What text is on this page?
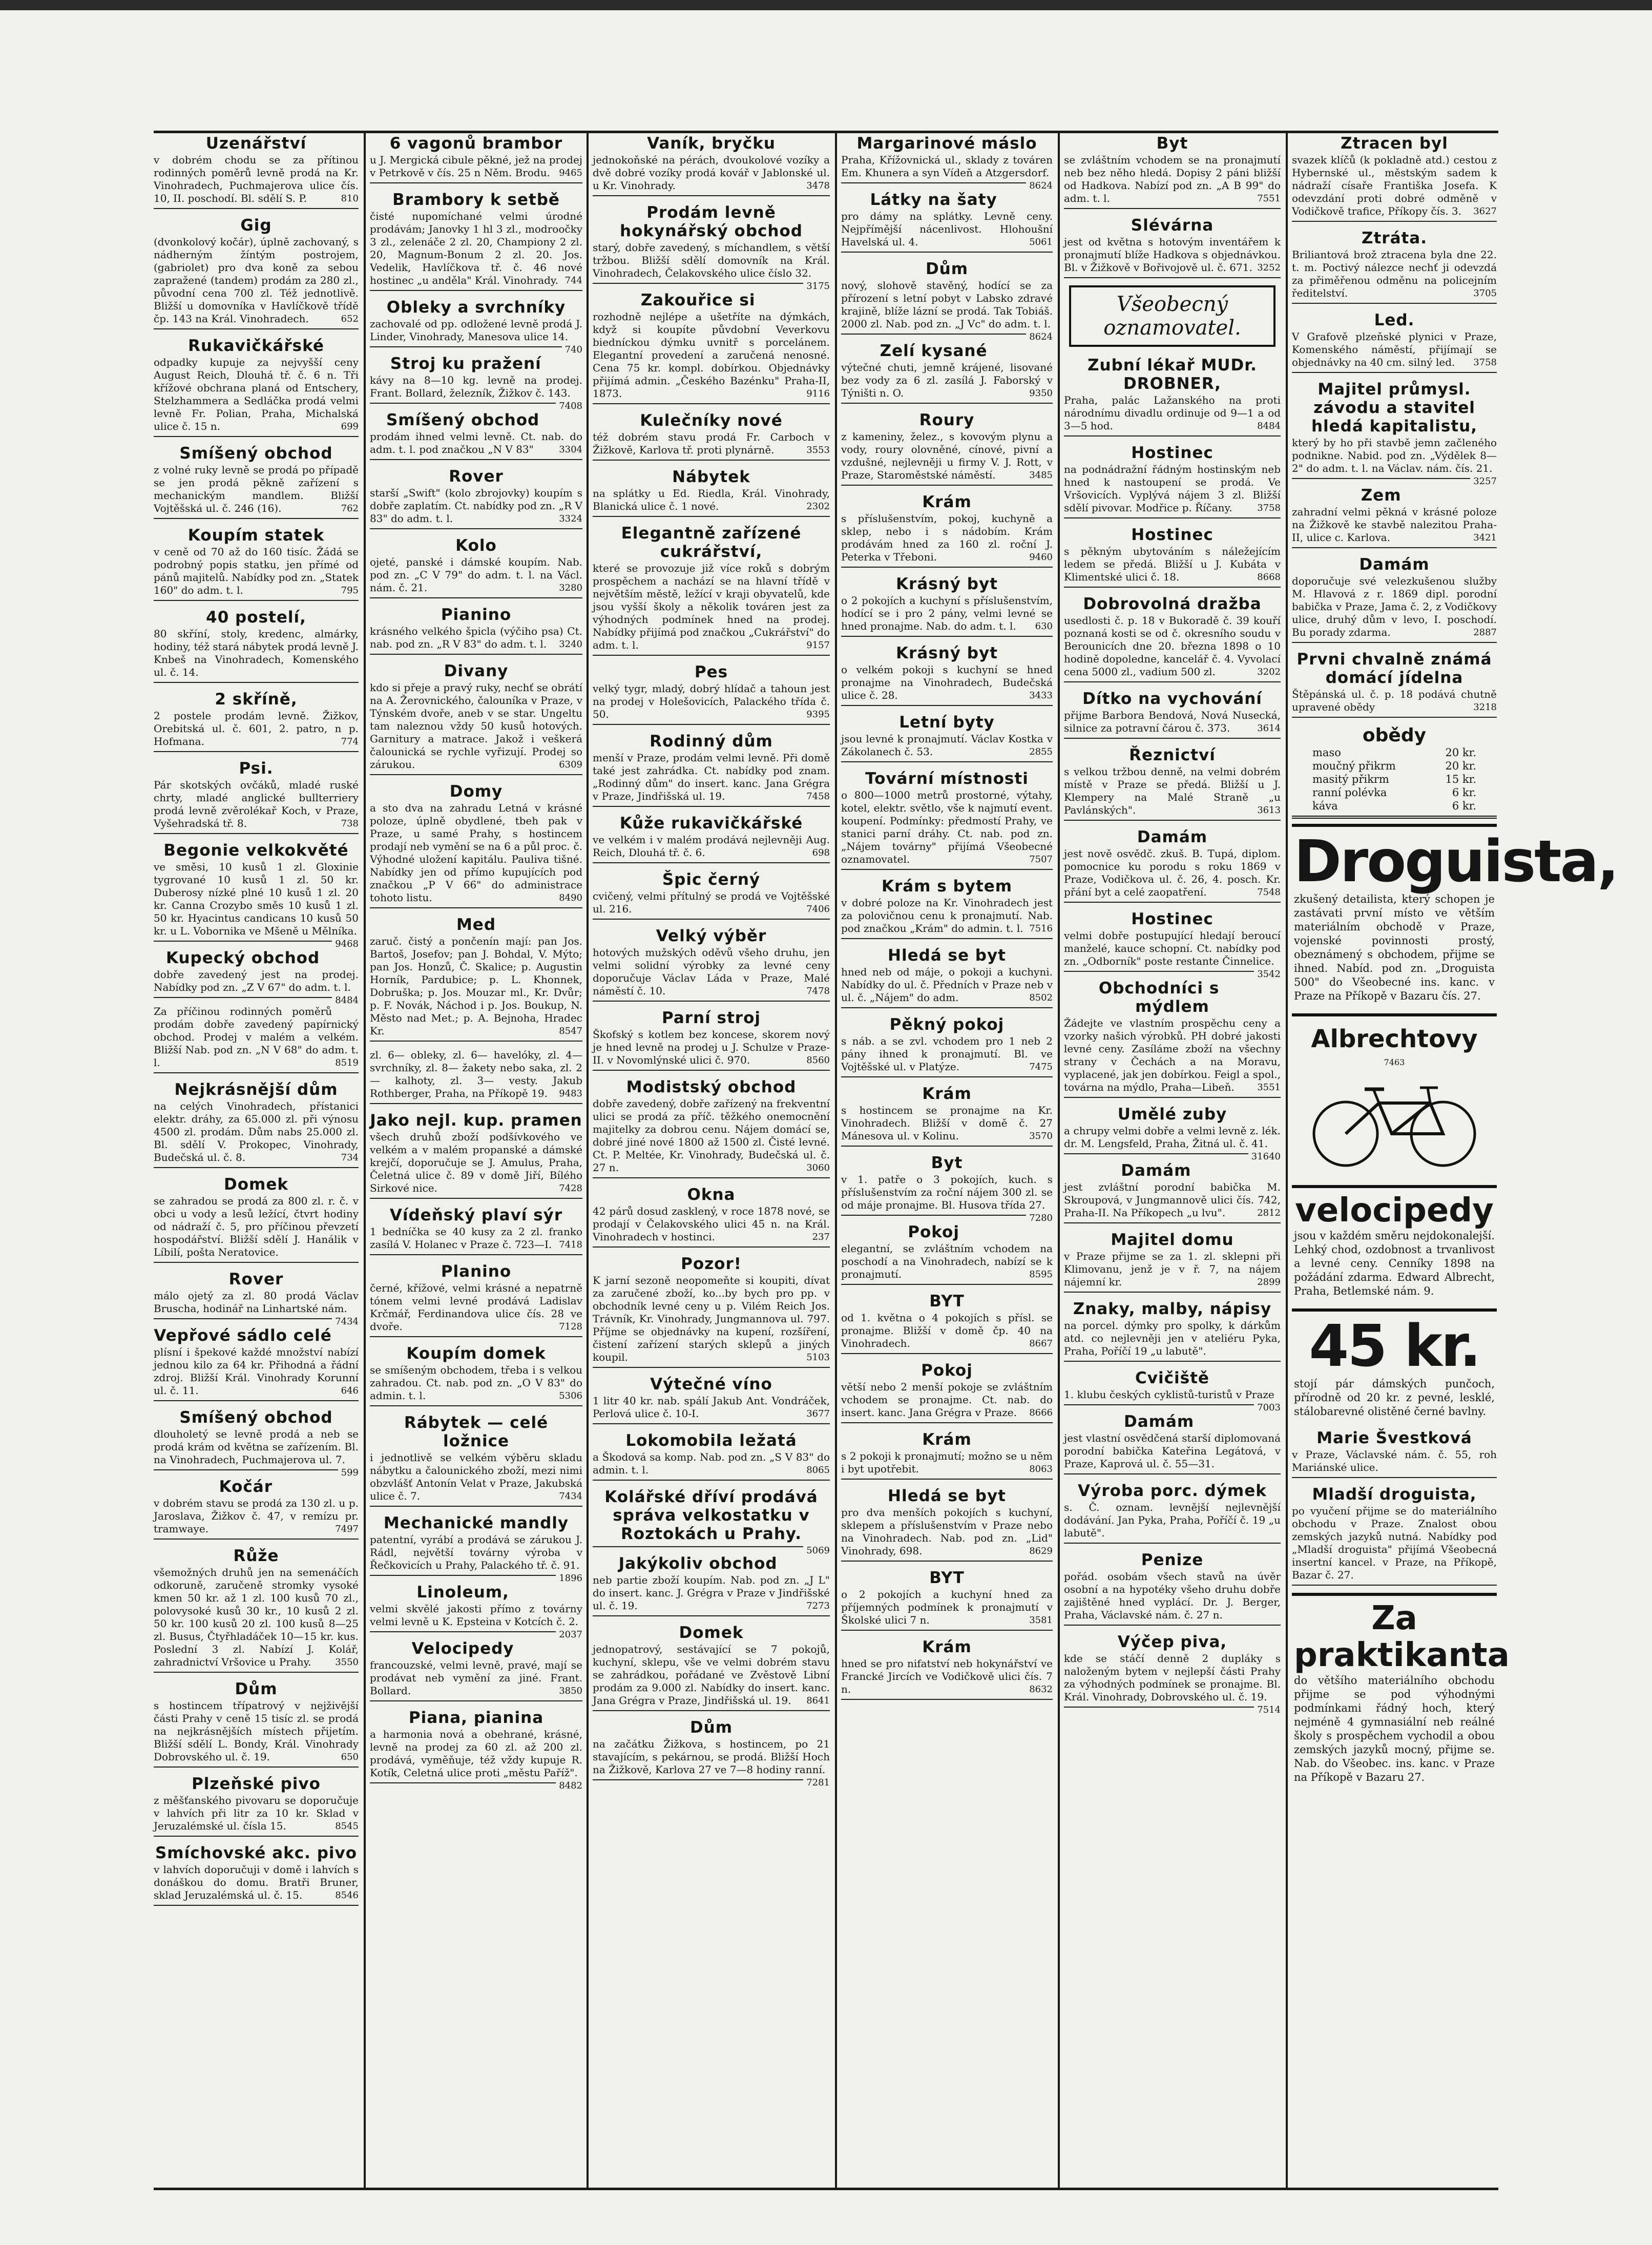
Uzenářství

v dobrém chodu se za přítinou rodinných poměrů levně prodá na Kr. Vinohradech, Puchmajerova ulice čís. 10, II. poschodí. Bl. sdělí S. P.	810

Gig

(dvonkolový kočár), úplně zachovaný, s nádherným žíntým postrojem, (gabriolet) pro dva koně za sebou zapražené (tandem) prodám za 280 zl., původní cena 700 zl. Též jednotlivě. Bližší u domovníka v Havlíčkově třídě čp. 143 na Král. Vinohradech.	652

Rukavičkářské

odpadky kupuje za nejvyšší ceny August Reich, Dlouhá tř. č. 6 n. Tři křížové obchrana planá od Entschery, Stelzhammera a Sedláčka prodá velmi levně Fr. Polian, Praha, Michalská ulice č. 15 n.	699

Smíšený obchod

z volné ruky levně se prodá po případě se jen prodá pěkně zařízení s mechanickým mandlem. Bližší Vojtěšská ul. č. 246 (16).	762

Koupím statek

v ceně od 70 až do 160 tisíc. Žádá se podrobný popis statku, jen přímé od pánů majitelů. Nabídky pod zn. „Statek 160" do adm. t. l.	795

40 postelí,

80 skříní, stoly, kredenc, almárky, hodiny, též stará nábytek prodá levně J. Knbeš na Vinohradech, Komenského ul. č. 14.

2 skříně,

2 postele prodám levně. Žižkov, Orebitská ul. č. 601, 2. patro, n p. Hofmana.	774

Psi.

Pár skotských ovčáků, mladé ruské chrty, mladé anglické bullterriery prodá levně zvěrolékař Koch, v Praze, Vyšehradská tř. 8.	738

Begonie velkokvěté

ve směsi, 10 kusů 1 zl. Gloxinie tygrované 10 kusů 1 zl. 50 kr. Duberosy nízké plné 10 kusů 1 zl. 20 kr. Canna Crozybo směs 10 kusů 1 zl. 50 kr. Hyacintus candicans 10 kusů 50 kr. u L. Vobornika ve Mšeně u Mělníka.
9468

Kupecký obchod

dobře zavedený jest na prodej. Nabídky pod zn. „Z V 67" do adm. t. l.
8484

Za příčinou rodinných poměrů prodám dobře zavedený papírnický obchod. Prodej v malém a velkém. Bližší Nab. pod zn. „N V 68" do adm. t. l.	8519

Nejkrásnější dům

na celých Vinohradech, přístanici elektr. dráhy, za 65.000 zl. při výnosu 4500 zl. prodám. Dům nabs 25.000 zl. Bl. sdělí V. Prokopec, Vinohrady, Budečská ul. č. 8.	734

Domek

se zahradou se prodá za 800 zl. r. č. v obci u vody a lesů ležící, čtvrt hodiny od nádraží č. 5, pro příčinou převzetí hospodářství. Bližší sdělí J. Hanálik v Líbilí, pošta Neratovice.

Rover

málo ojetý za zl. 80 prodá Václav Bruscha, hodinář na Linhartské nám.
7434

Vepřové sádlo celé

plísní i špekové každé množství nabízí jednou kilo za 64 kr. Přihodná a řádní zdroj. Bližší Král. Vinohrady Korunní ul. č. 11.	646

Smíšený obchod

dlouholetý se levně prodá a neb se prodá krám od května se zařízením. Bl. na Vinohradech, Puchmajerova ul. 7.
599

Kočár

v dobrém stavu se prodá za 130 zl. u p. Jaroslava, Žižkov č. 47, v remízu pr. tramwaye.	7497

Růže

všemožných druhů jen na semenáčích odkoruně, zaručeně stromky vysoké kmen 50 kr. až 1 zl. 100 kusů 70 zl., polovysoké kusů 30 kr., 10 kusů 2 zl. 50 kr. 100 kusů 20 zl. 100 kusů 8—25 zl. Busus, Čtyřhladáček 10—15 kr. kus. Poslední 3 zl. Nabízí J. Kolář, zahradnictví Vršovice u Prahy.	3550

Dům

s hostincem třípatrový v nejživější části Prahy v ceně 15 tisíc zl. se prodá na nejkrásnějších místech přijetím. Bližší sdělí L. Bondy, Král. Vinohrady Dobrovského ul. č. 19.	650

Plzeňské pivo

z měšťanského pivovaru se doporučuje v lahvích při litr za 10 kr. Sklad v Jeruzalémské ul. čísla 15.	8545

Smíchovské akc. pivo

v lahvích doporučuji v domě i lahvích s donáškou do domu. Bratři Bruner, sklad Jeruzalémská ul. č. 15.	8546

6 vagonů brambor

u J. Mergická cibule pěkné, jež na prodej v Petrkově v čís. 25 n Něm. Brodu. 9465

Brambory k setbě

čisté nupomíchané velmi úrodné prodávám; Janovky 1 hl 3 zl., modroočky 3 zl., zelenáče 2 zl. 20, Championy 2 zl. 20, Magnum-Bonum 2 zl. 20. Jos. Vedelik, Havlíčkova tř. č. 46 nové hostinec „u anděla" Král. Vinohrady. 744

Obleky a svrchníky

zachovalé od pp. odložené levně prodá J. Linder, Vinohrady, Manesova ulice 14.
740

Stroj ku pražení

kávy na 8—10 kg. levně na prodej. Frant. Bollard, železník, Žižkov č. 143.
7408

Smíšený obchod

prodám ihned velmi levně. Ct. nab. do adm. t. l. pod značkou „N V 83"	3304

Rover

starší „Swift" (kolo zbrojovky) koupím s dobře zaplatím. Ct. nabídky pod zn. „R V 83" do adm. t. l.	3324

Kolo

ojeté, panské i dámské koupím. Nab. pod zn. „C V 79" do adm. t. l. na Václ. nám. č. 21.	3280

Pianino

krásného velkého špicla (výčiho psa) Ct. nab. pod zn. „R V 83" do adm. t. l. 3240

Divany

kdo si přeje a pravý ruky, nechť se obrátí na A. Žerovnického, čalouníka v Praze, v Týnském dvoře, aneb v se star. Ungeltu tam naleznou vždy 50 kusů hotových. Garnitury a matrace. Jakož i veškerá čalounická se rychle vyřizují. Prodej so zárukou.	6309

Domy

a sto dva na zahradu Letná v krásné poloze, úplně obydlené, tbeh pak v Praze, u samé Prahy, s hostincem prodají neb vymění se na 6 a půl proc. č. Výhodné uložení kapitálu. Pauliva tišné. Nabídky jen od přímo kupujících pod značkou „P V 66" do administrace tohoto listu.	8490

Med

zaruč. čistý a pončenín mají: pan Jos. Bartoš, Josefov; pan J. Bohdal, V. Mýto; pan Jos. Honzů, Č. Skalice; p. Augustin Horník, Pardubice; p. L. Khonnek, Dobruška; p. Jos. Mouzar ml., Kr. Dvůr; p. F. Novák, Náchod i p. Jos. Boukup, N. Město nad Met.; p. A. Bejnoha, Hradec Kr.	8547

zl. 6— obleky, zl. 6— havelóky, zl. 4— svrchníky, zl. 8— žakety nebo saka, zl. 2— kalhoty, zl. 3— vesty. Jakub Rothberger, Praha, na Příkopě 19. 9483

Jako nejl. kup. pramen

všech druhů zboží podšívkového ve velkém a v malém propanské a dámské krejčí, doporučuje se J. Amulus, Praha, Čeletná ulice č. 89 v domě Jiří, Bílého Sirkové nice.	7428

Vídeňský plaví sýr

1 bedníčka se 40 kusy za 2 zl. franko zasílá V. Holanec v Praze č. 723—I. 7418

Planino

černé, křížové, velmi krásné a nepatrně tónem velmi levné prodává Ladislav Krčmář, Ferdinandova ulice čís. 28 ve dvoře.	7128

Koupím domek

se smíšeným obchodem, třeba i s velkou zahradou. Ct. nab. pod zn. „O V 83" do admin. t. l.	5306

Rábytek — celé ložnice

i jednotlivě se velkém výběru skladu nábytku a čalounického zboží, mezi nimi obzvlášť Antonín Velat v Praze, Jakubská ulice č. 7.	7434

Mechanické mandly

patentní, vyrábí a prodává se zárukou J. Rádl, největší továrny výroba v Řečkovicích u Prahy, Palackého tř. č. 91.
1896

Linoleum,

velmi skvělé jakosti přímo z továrny velmi levně u K. Epsteina v Kotcích č. 2.
2037

Velocipedy

francouzské, velmi levně, pravé, mají se prodávat neb vymění za jiné. Frant. Bollard.	3850

Piana, pianina

a harmonia nová a obehrané, krásné, levně na prodej za 60 zl. až 200 zl. prodává, vyměňuje, též vždy kupuje R. Kotík, Celetná ulice proti „městu Paříž".
8482

Vaník, bryčku

jednokoňské na pérách, dvoukolové vozíky a dvě dobré vozíky prodá kovář v Jablonské ul. u Kr. Vinohrady.	3478

Prodám levně hokynářský obchod

starý, dobře zavedený, s míchandlem, s větší tržbou. Bližší sdělí domovník na Král. Vinohradech, Čelakovského ulice číslo 32.
3175

Zakouřice si

rozhodně nejlépe a ušetříte na dýmkách, když si koupíte půvdobní Veverkovu biedníckou dýmku uvnitř s porcelánem. Elegantní provedení a zaručená nenosné. Cena 75 kr. kompl. dobírkou. Objednávky přijímá admin. „Českého Bazénku" Praha-II, 1873.	9116

Kulečníky nové

též dobrém stavu prodá Fr. Carboch v Žižkově, Karlova tř. proti plynárně.	3553

Nábytek

na splátky u Ed. Riedla, Král. Vinohrady, Blanická ulice č. 1 nové.	2302

Elegantně zařízené cukrářství,

které se provozuje již více roků s dobrým prospěchem a nachází se na hlavní třídě v největším městě, ležící v kraji obyvatelů, kde jsou vyšší školy a několik továren jest za výhodných podmínek hned na prodej. Nabídky přijímá pod značkou „Cukrářství" do adm. t. l.	9157

Pes

velký tygr, mladý, dobrý hlídač a tahoun jest na prodej v Holešovicích, Palackého třída č. 50.	9395

Rodinný dům

menší v Praze, prodám velmi levně. Při domě také jest zahrádka. Ct. nabídky pod znam. „Rodinný dům" do insert. kanc. Jana Grégra v Praze, Jindřišská ul. 19.	7458

Kůže rukavičkářské

ve velkém i v malém prodává nejlevněji Aug. Reich, Dlouhá tř. č. 6.	698

Špic černý

cvičený, velmi přítulný se prodá ve Vojtěšské ul. 216.	7406

Velký výběr

hotových mužských oděvů všeho druhu, jen velmi solidní výrobky za levné ceny doporučuje Václav Láda v Praze, Malé náměstí č. 10.	7478

Parní stroj

Škofský s kotlem bez koncese, skorem nový je hned levně na prodej u J. Schulze v Praze-II. v Novomlýnské ulici č. 970.	8560

Modistský obchod

dobře zavedený, dobře zařízený na frekventní ulici se prodá za příč. těžkého onemocnění majitelky za dobrou cenu. Nájem domácí se, dobré jiné nové 1800 až 1500 zl. Čisté levné. Ct. P. Meltée, Kr. Vinohrady, Budečská ul. č. 27 n.	3060

Okna

42 párů dosud zasklený, v roce 1878 nové, se prodají v Čelakovského ulici 45 n. na Král. Vinohradech v hostinci.	237

Pozor!

K jarní sezoně neopomeňte si koupiti, dívat za zaručené zboží, ko...by bych pro pp. v obchodník levné ceny u p. Vilém Reich Jos. Trávník, Kr. Vinohrady, Jungmannova ul. 797. Příjme se objednávky na kupení, rozšíření, čistení zařízení starých sklepů a jiných koupil.	5103

Výtečné víno

1 litr 40 kr. nab. spálí Jakub Ant. Vondráček, Perlová ulice č. 10-I.	3677

Lokomobila ležatá

a Škodová sa komp. Nab. pod zn. „S V 83" do admin. t. l.	8065

Kolářské dříví prodává správa velkostatku v Roztokách u Prahy.

5069

Jakýkoliv obchod

neb partie zboží koupím. Nab. pod zn. „J L" do insert. kanc. J. Grégra v Praze v Jindřišské ul. č. 19.	7273

Domek

jednopatrový, sestávající se 7 pokojů, kuchyní, sklepu, vše ve velmi dobrém stavu se zahrádkou, pořádané ve Zvěstově Libní prodám za 9.000 zl. Nabídky do insert. kanc. Jana Grégra v Praze, Jindřišská ul. 19. 8641

Dům

na začátku Žižkova, s hostincem, po 21 stavajícím, s pekárnou, se prodá. Bližší Hoch na Žižkově, Karlova 27 ve 7—8 hodiny ranní.
7281

Margarinové máslo

Praha, Křížovnická ul., sklady z továren Em. Khunera a syn Vídeň a Atzgersdorf.
8624

Látky na šaty

pro dámy na splátky. Levně ceny. Nejpřímější nácenlivost. Hlohoušní Havelská ul. 4.	5061

Dům

nový, slohově stavěný, hodící se za přírození s letní pobyt v Labsko zdravé krajině, blíže lázní se prodá. Tak Tobiáš. 2000 zl. Nab. pod zn. „J Vc" do adm. t. l.
8624

Zelí kysané

výtečné chuti, jemně krájené, lisované bez vody za 6 zl. zasílá J. Faborský v Týništi n. O.	9350

Roury

z kameniny, želez., s kovovým plynu a vody, roury olovněné, cínové, pivní a vzdušné, nejlevněji u firmy V. J. Rott, v Praze, Staroměstské náměstí.	3485

Krám

s příslušenstvím, pokoj, kuchyně a sklep, nebo i s nádobím. Krám prodávám hned za 160 zl. roční J. Peterka v Třeboni.	9460

Krásný byt

o 2 pokojích a kuchyní s příslušenstvím, hodící se i pro 2 pány, velmi levné se hned pronajme. Nab. do adm. t. l. 630

Krásný byt

o velkém pokoji s kuchyní se hned pronajme na Vinohradech, Budečská ulice č. 28.	3433

Letní byty

jsou levné k pronajmutí. Václav Kostka v Zákolanech č. 53.	2855

Tovární místnosti

o 800—1000 metrů prostorné, výtahy, kotel, elektr. světlo, vše k najmutí event. koupení. Podmínky: předmostí Prahy, ve stanici parní dráhy. Ct. nab. pod zn. „Nájem továrny" přijímá Všeobecné oznamovatel.	7507

Krám s bytem

v dobré poloze na Kr. Vinohradech jest za polovičnou cenu k pronajmutí. Nab. pod značkou „Krám" do admin. t. l. 7516

Hledá se byt

hned neb od máje, o pokoji a kuchyni. Nabídky do ul. č. Předních v Praze neb v ul. č. „Nájem" do adm.	8502

Pěkný pokoj

s náb. a se zvl. vchodem pro 1 neb 2 pány ihned k pronajmutí. Bl. ve Vojtěšské ul. v Platýze.	7475

Krám

s hostincem se pronajme na Kr. Vinohradech. Bližší v domě č. 27 Mánesova ul. v Kolinu.	3570

Byt

v 1. patře o 3 pokojích, kuch. s příslušenstvím za roční nájem 300 zl. se od máje pronajme. Bl. Husova třída 27.
7280

Pokoj

elegantní, se zvláštním vchodem na poschodí a na Vinohradech, nabízí se k pronajmutí.	8595

BYT

od 1. května o 4 pokojích s přísl. se pronajme. Bližší v domě čp. 40 na Vinohradech.	8667

Pokoj

větší nebo 2 menší pokoje se zvláštním vchodem se pronajme. Ct. nab. do insert. kanc. Jana Grégra v Praze. 8666

Krám

s 2 pokoji k pronajmutí; možno se u něm i byt upotřebit.	8063

Hledá se byt

pro dva menších pokojích s kuchyní, sklepem a příslušenstvím v Praze nebo na Vinohradech. Nab. pod zn. „Lid" Vinohrady, 698.	8629

BYT

o 2 pokojích a kuchyní hned za příjemných podmínek k pronajmutí v Školské ulici 7 n.	3581

Krám

hned se pro nifatství neb hokynářství ve Francké Jircích ve Vodičkově ulici čís. 7 n.	8632

Byt

se zvláštním vchodem se na pronajmutí neb bez něho hledá. Dopisy 2 páni bližší od Hadkova. Nabízí pod zn. „A B 99" do adm. t. l.	7551

Slévárna

jest od května s hotovým inventářem k pronajmutí blíže Hadkova s objednávkou. Bl. v Žižkově v Bořivojově ul. č. 671. 3252

Všeobecný oznamovatel.
Zubní lékař MUDr. DROBNER,

Praha, palác Lažanského na proti národnímu divadlu ordinuje od 9—1 a od 3—5 hod.	8484

Hostinec

na podnádražní řádným hostinským neb hned k nastoupení se prodá. Ve Vršovicích. Vyplývá nájem 3 zl. Bližší sdělí pivovar. Modřice p. Říčany.	3758

Hostinec

s pěkným ubytováním s náležejícím ledem se předá. Bližší u J. Kubáta v Klimentské ulici č. 18.	8668

Dobrovolná dražba

usedlosti č. p. 18 v Bukoradě č. 39 kouří poznaná kosti se od č. okresního soudu v Berounicích dne 20. března 1898 o 10 hodině dopoledne, kancelář č. 4. Vyvolací cena 5000 zl., vadium 500 zl.	3202

Dítko na vychování

přijme Barbora Bendová, Nová Nusecká, silnice za potravní čárou č. 373.	3614

Řeznictví

s velkou tržbou denně, na velmi dobrém místě v Praze se předá. Bližší u J. Klempery na Malé Straně „u Pavlánských".	3613

Damám

jest nově osvědč. zkuš. B. Tupá, diplom. pomocnice ku porodu s roku 1869 v Praze, Vodičkova ul. č. 26, 4. posch. Kr. přání byt a celé zaopatření.	7548

Hostinec

velmi dobře postupující hledají beroucí manželé, kauce schopní. Ct. nabídky pod zn. „Odborník" poste restante Činnelice.
3542

Obchodníci s mýdlem

Žádejte ve vlastním prospěchu ceny a vzorky našich výrobků. PH dobré jakosti levné ceny. Zasíláme zboží na všechny strany v Čechách a na Moravu, vyplacené, jak jen dobírkou. Feigl a spol., továrna na mýdlo, Praha—Libeň. 3551

Umělé zuby

a chrupy velmi dobře a velmi levně z. lék. dr. M. Lengsfeld, Praha, Žitná ul. č. 41.
31640

Damám

jest zvláštní porodní babička M. Skroupová, v Jungmannově ulici čís. 742, Praha-II. Na Příkopech „u lvu".	2812

Majitel domu

v Praze přijme se za 1. zl. sklepni při Klimovanu, jenž je v ř. 7, na nájem nájemní kr.	2899

Znaky, malby, nápisy

na porcel. dýmky pro spolky, k dárkům atd. co nejlevněji jen v ateliéru Pyka, Praha, Poříčí 19 „u labutě".

Cvičiště

1. klubu českých cyklistů-turistů v Praze
7003

Damám

jest vlastní osvědčená starší diplomovaná porodní babička Kateřina Legátová, v Praze, Kaprová ul. č. 55—31.

Výroba porc. dýmek

s. Č. oznam. levnější nejlevnější dodávání. Jan Pyka, Praha, Poříčí č. 19 „u labutě".

Penize

pořád. osobám všech stavů na úvěr osobní a na hypotéky všeho druhu dobře zajištěné hned vyplácí. Dr. J. Berger, Praha, Václavské nám. č. 27 n.

Výčep piva,

kde se stáčí denně 2 dupláky s naloženým bytem v nejlepší části Prahy za výhodných podmínek se pronajme. Bl. Král. Vinohrady, Dobrovského ul. č. 19.
7514

Ztracen byl

svazek klíčů (k pokladně atd.) cestou z Hybernské ul., městským sadem k nádraží císaře Františka Josefa. K odevzdání proti dobré odměně v Vodičkově trafice, Příkopy čís. 3. 3627

Ztráta.

Briliantová brož ztracena byla dne 22. t. m. Poctivý nálezce nechť ji odevzdá za přiměřenou odměnu na policejním ředitelství.	3705

Led.

V Grafově plzeňské plynici v Praze, Komenského náměstí, přijímají se objednávky na 40 cm. silný led. 3758

Majitel průmysl. závodu a stavitel hledá kapitalistu,

který by ho při stavbě jemn začleného podnikne. Nabid. pod zn. „Výdělek 8—2" do adm. t. l. na Václav. nám. čís. 21.
3257

Zem

zahradní velmi pěkná v krásné poloze na Žižkově ke stavbě nalezitou Praha-II, ulice c. Karlova.	3421

Damám

doporučuje své velezkušenou služby M. Hlavová z r. 1869 dipl. porodní babička v Praze, Jama č. 2, z Vodičkovy ulice, druhý dům v levo, I. poschodí. Bu porady zdarma.	2887

Prvni chvalně známá domácí jídelna

Štěpánská ul. č. p. 18 podává chutně upravené obědy	3218

obědy
maso	20 kr.
moučný přikrm	20 kr.
masitý přikrm	15 kr.
ranní polévka	6 kr.
káva	6 kr.
Droguista,

zkušený detailista, který schopen je zastávati první místo ve větším materiálním obchodě v Praze, vojenské povinnosti prostý, obeznámený s obchodem, přijme se ihned. Nabíd. pod zn. „Droguista 500" do Všeobecné ins. kanc. v Praze na Příkopě v Bazaru čís. 27.

Albrechtovy
7463
velocipedy

jsou v každém směru nejdokonalejší. Lehký chod, ozdobnost a trvanlivost a levné ceny. Cenníky 1898 na požádání zdarma. Edward Albrecht, Praha, Betlemské nám. 9.

45 kr.

stojí pár dámských punčoch, přírodně od 20 kr. z pevné, lesklé, stálobarevné olistěné černé bavlny.

Marie Švestková

v Praze, Václavské nám. č. 55, roh Mariánské ulice.

Mladší droguista,

po vyučení přijme se do materiálního obchodu v Praze. Znalost obou zemských jazyků nutná. Nabídky pod „Mladší droguista" přijímá Všeobecná insertní kancel. v Praze, na Příkopě, Bazar č. 27.

Za praktikanta

do většího materiálního obchodu přijme se pod výhodnými podmínkami řádný hoch, který nejméně 4 gymnasiální neb reálné školy s prospěchem vychodil a obou zemských jazyků mocný, přijme se. Nab. do Všeobec. ins. kanc. v Praze na Příkopě v Bazaru 27.
